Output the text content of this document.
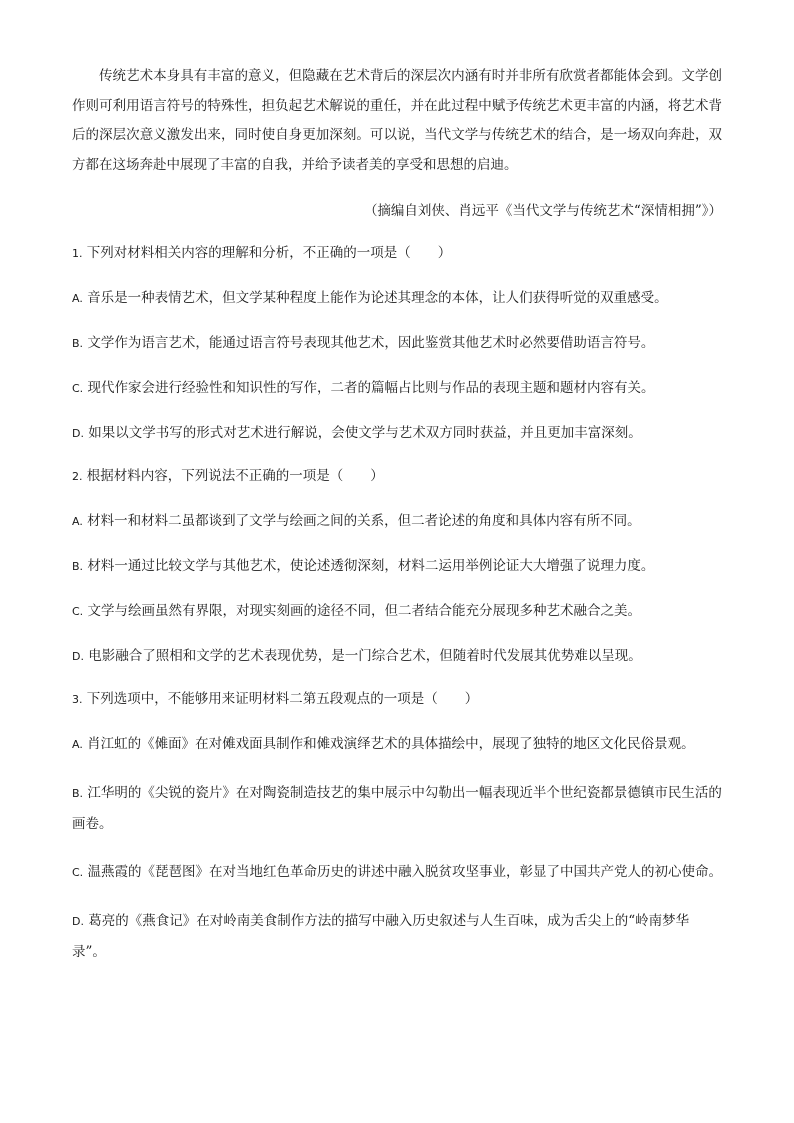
传统艺术本身具有丰富的意义，但隐藏在艺术背后的深层次内涵有时并非所有欣赏者都能体会到。文学创作则可利用语言符号的特殊性，担负起艺术解说的重任，并在此过程中赋予传统艺术更丰富的内涵，将艺术背后的深层次意义激发出来，同时使自身更加深刻。可以说，当代文学与传统艺术的结合，是一场双向奔赴，双方都在这场奔赴中展现了丰富的自我，并给予读者美的享受和思想的启迪。

（摘编自刘侠、肖远平《当代文学与传统艺术“深情相拥”》）

1. 下列对材料相关内容的理解和分析，不正确的一项是（　　）

A. 音乐是一种表情艺术，但文学某种程度上能作为论述其理念的本体，让人们获得听觉的双重感受。

B. 文学作为语言艺术，能通过语言符号表现其他艺术，因此鉴赏其他艺术时必然要借助语言符号。

C. 现代作家会进行经验性和知识性的写作，二者的篇幅占比则与作品的表现主题和题材内容有关。

D. 如果以文学书写的形式对艺术进行解说，会使文学与艺术双方同时获益，并且更加丰富深刻。

2. 根据材料内容，下列说法不正确的一项是（　　）

A. 材料一和材料二虽都谈到了文学与绘画之间的关系，但二者论述的角度和具体内容有所不同。

B. 材料一通过比较文学与其他艺术，使论述透彻深刻，材料二运用举例论证大大增强了说理力度。

C. 文学与绘画虽然有界限，对现实刻画的途径不同，但二者结合能充分展现多种艺术融合之美。

D. 电影融合了照相和文学的艺术表现优势，是一门综合艺术，但随着时代发展其优势难以呈现。

3. 下列选项中，不能够用来证明材料二第五段观点的一项是（　　）

A. 肖江虹的《傩面》在对傩戏面具制作和傩戏演绎艺术的具体描绘中，展现了独特的地区文化民俗景观。

B. 江华明的《尖锐的瓷片》在对陶瓷制造技艺的集中展示中勾勒出一幅表现近半个世纪瓷都景德镇市民生活的画卷。

C. 温燕霞的《琵琶图》在对当地红色革命历史的讲述中融入脱贫攻坚事业，彰显了中国共产党人的初心使命。

D. 葛亮的《燕食记》在对岭南美食制作方法的描写中融入历史叙述与人生百味，成为舌尖上的“岭南梦华录”。
